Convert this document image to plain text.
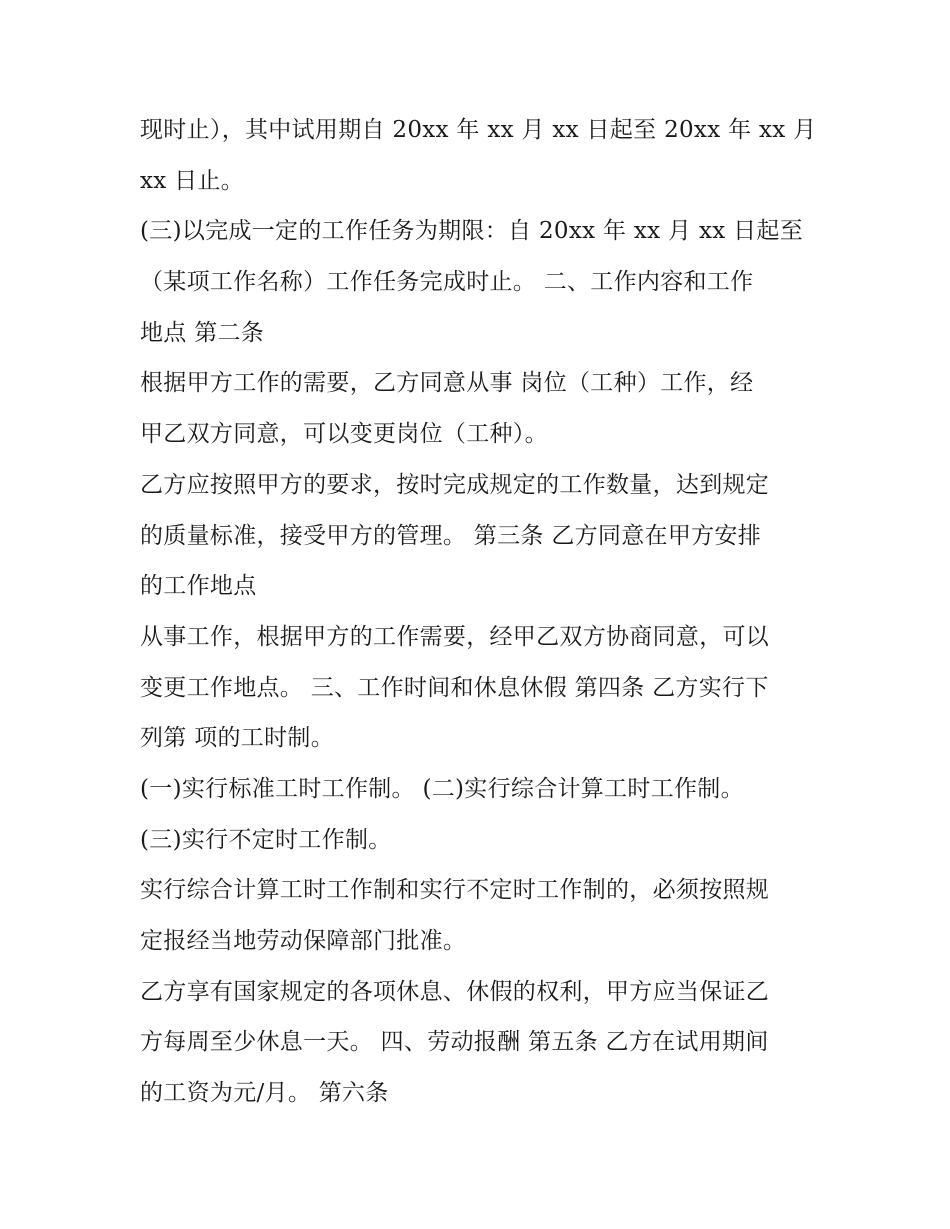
现时止），其中试用期自 20xx 年 xx 月 xx 日起至 20xx 年 xx 月
xx 日止。
(三)以完成一定的工作任务为期限：自 20xx 年 xx 月 xx 日起至
（某项工作名称）工作任务完成时止。 二、工作内容和工作
地点 第二条
根据甲方工作的需要，乙方同意从事 岗位（工种）工作，经
甲乙双方同意，可以变更岗位（工种）。
乙方应按照甲方的要求，按时完成规定的工作数量，达到规定
的质量标准，接受甲方的管理。 第三条 乙方同意在甲方安排
的工作地点
从事工作，根据甲方的工作需要，经甲乙双方协商同意，可以
变更工作地点。 三、工作时间和休息休假 第四条 乙方实行下
列第 项的工时制。
(一)实行标准工时工作制。 (二)实行综合计算工时工作制。
(三)实行不定时工作制。
实行综合计算工时工作制和实行不定时工作制的，必须按照规
定报经当地劳动保障部门批准。
乙方享有国家规定的各项休息、休假的权利，甲方应当保证乙
方每周至少休息一天。 四、劳动报酬 第五条 乙方在试用期间
的工资为元/月。 第六条
